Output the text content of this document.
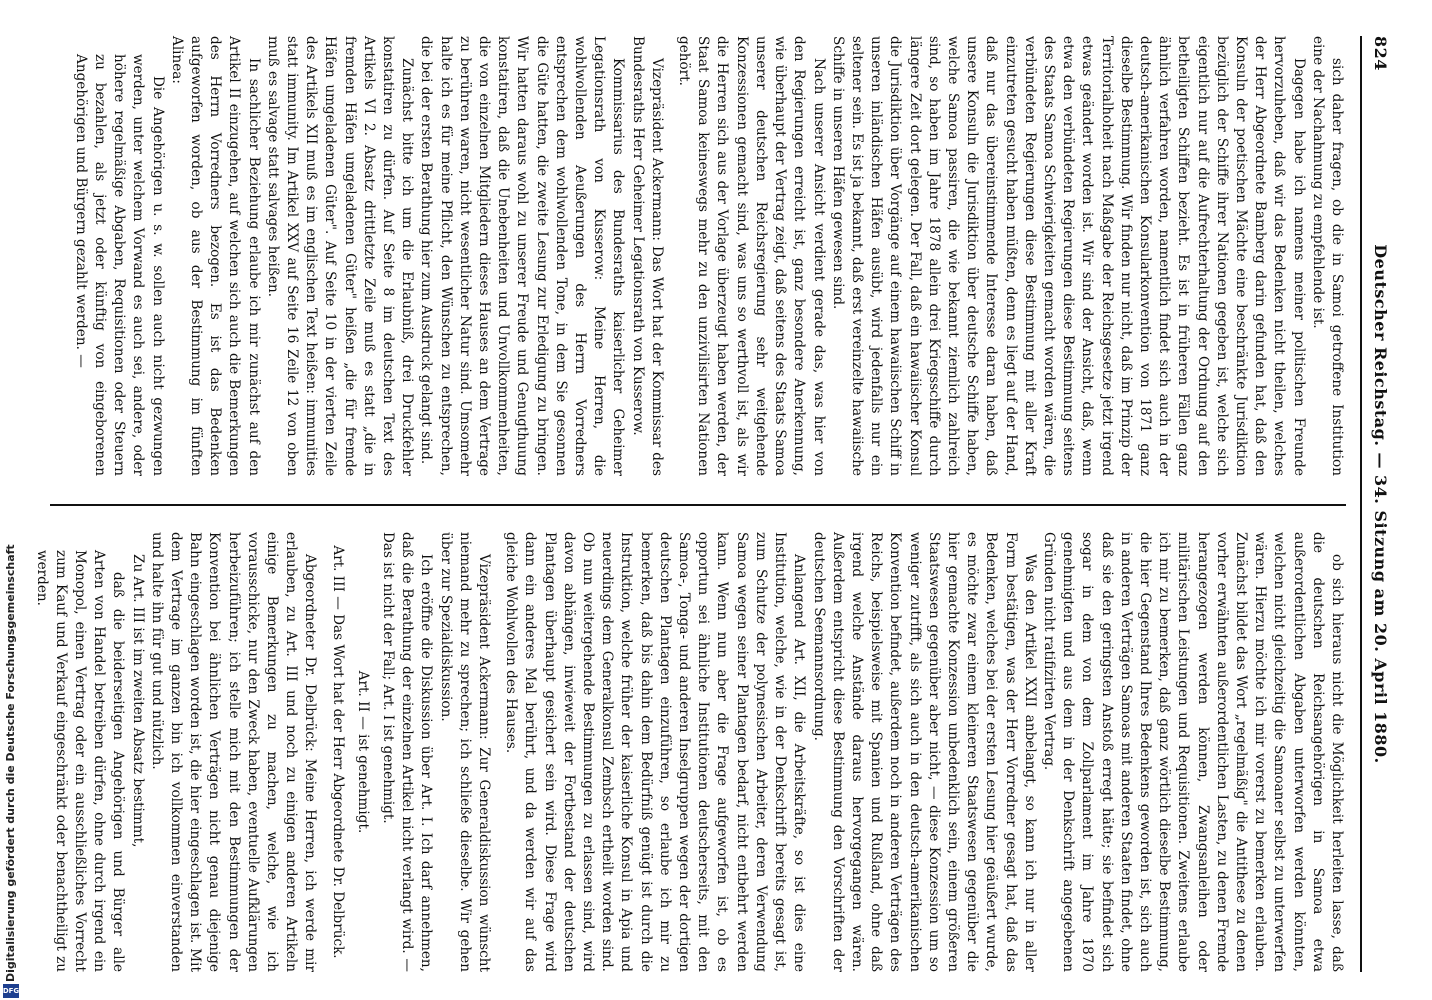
824
Deutscher Reichstag. — 34. Sitzung am 20. April 1880.

sich daher fragen, ob die in Samoi getroffene Institution eine der Nachahmung zu empfehlende ist.

Dagegen habe ich namens meiner politischen Freunde hervorzuheben, daß wir das Bedenken nicht theilen, welches der Herr Abgeordnete Bamberg darin gefunden hat, daß den Konsuln der poetischen Mächte eine beschränkte Jurisdiktion bezüglich der Schiffe ihrer Nationen gegeben ist, welche sich eigentlich nur auf die Aufrechterhaltung der Ordnung auf den betheiligten Schiffen bezieht. Es ist in früheren Fällen ganz ähnlich verfahren worden, namentlich findet sich auch in der deutsch-amerikanischen Konsularkonvention von 1871 ganz dieselbe Bestimmung. Wir finden nur nicht, daß im Prinzip der Territorialhoheit nach Maßgabe der Reichsgesetze jetzt irgend etwas geändert worden ist. Wir sind der Ansicht, daß, wenn etwa den verbündeten Regierungen diese Bestimmung seitens des Staats Samoa Schwierigkeiten gemacht worden wären, die verbündeten Regierungen diese Bestimmung mit aller Kraft einzutreten gesucht haben müßten, denn es liegt auf der Hand, daß nur das übereinstimmende Interesse daran haben, daß unsere Konsuln die Jurisdiktion über deutsche Schiffe haben, welche Samoa passiren, die wie bekannt ziemlich zahlreich sind, so haben im Jahre 1878 allein drei Kriegsschiffe durch längere Zeit dort gelegen. Der Fall, daß ein hawaiischer Konsul die Jurisdiktion über Vorgänge auf einem hawaiischen Schiff in unseren inländischen Häfen ausübt, wird jedenfalls nur ein seltener sein. Es ist ja bekannt, daß erst vereinzelte hawaiische Schiffe in unseren Häfen gewesen sind.

Nach unserer Ansicht verdient gerade das, was hier von den Regierungen erreicht ist, ganz besondere Anerkennung, wie überhaupt der Vertrag zeigt, daß seitens des Staats Samoa unserer deutschen Reichsregierung sehr weitgehende Konzessionen gemacht sind, was uns so werthvoll ist, als wir die Herren sich aus der Vorlage überzeugt haben werden, der Staat Samoa keineswegs mehr zu den unzivilisirten Nationen gehört.

Vizepräsident Ackermann: Das Wort hat der Kommissar des Bundesraths Herr Geheimer Legationsrath von Kusserow.

Kommissarius des Bundesraths kaiserlicher Geheimer Legationsrath von Kusserow: Meine Herren, die wohlwollenden Aeußerungen des Herrn Vorredners entsprechen dem wohlwollenden Tone, in dem Sie gesonnen die Güte hatten, die zweite Lesung zur Erledigung zu bringen. Wir hatten daraus wohl zu unserer Freude und Genugthuung konstatiren, daß die Unebenheiten und Unvollkommenheiten, die von einzelnen Mitgliedern dieses Hauses an dem Vertrage zu berühren waren, nicht wesentlicher Natur sind. Umsomehr halte ich es für meine Pflicht, den Wünschen zu entsprechen, die bei der ersten Berathung hier zum Ausdruck gelangt sind.

Zunächst bitte ich um die Erlaubniß, drei Druckfehler konstatiren zu dürfen. Auf Seite 8 im deutschen Text des Artikels VI 2. Absatz drittletzte Zeile muß es statt „die in fremden Häfen umgeladenen Güter" heißen „die für fremde Häfen umgeladenen Güter". Auf Seite 10 in der vierten Zeile des Artikels XII muß es im englischen Text heißen: immunities statt immunity. Im Artikel XXV auf Seite 16 Zeile 12 von oben muß es salvage statt salvages heißen.

In sachlicher Beziehung erlaube ich mir zunächst auf den Artikel II einzugehen, auf welchen sich auch die Bemerkungen des Herrn Vorredners bezogen. Es ist das Bedenken aufgeworfen worden, ob aus der Bestimmung im fünften Alinea:

Die Angehörigen u. s. w. sollen auch nicht gezwungen werden, unter welchem Vorwand es auch sei, andere, oder höhere regelmäßige Abgaben, Requisitionen oder Steuern zu bezahlen, als jetzt oder künftig von eingeborenen Angehörigen und Bürgern gezahlt werden. —

ob sich hieraus nicht die Möglichkeit herleiten lasse, daß die deutschen Reichsangehörigen in Samoa etwa außerordentlichen Abgaben unterworfen werden könnten, welchen nicht gleichzeitig die Samoaner selbst zu unterwerfen wären. Hierzu möchte ich mir vorerst zu bemerken erlauben. Zunächst bildet das Wort „regelmäßig" die Antithese zu denen vorher erwähnten außerordentlichen Lasten, zu denen Fremde herangezogen werden können, Zwangsanleihen oder militärischen Leistungen und Requisitionen. Zweitens erlaube ich mir zu bemerken, daß ganz wörtlich dieselbe Bestimmung, die hier Gegenstand Ihres Bedenkens geworden ist, sich auch in anderen Verträgen Samoas mit anderen Staaten findet, ohne daß sie den geringsten Anstoß erregt hätte; sie befindet sich sogar in dem von dem Zollparlament im Jahre 1870 genehmigten und aus dem in der Denkschrift angegebenen Gründen nicht ratifizirten Vertrag.

Was den Artikel XXII anbelangt, so kann ich nur in aller Form bestätigen, was der Herr Vorredner gesagt hat, daß das Bedenken, welches bei der ersten Lesung hier geäußert wurde, es möchte zwar einem kleineren Staatswesen gegenüber die hier gemachte Konzession unbedenklich sein, einem größeren Staatswesen gegenüber aber nicht, — diese Konzession um so weniger zutrifft, als sich auch in den deutsch-amerikanischen Konvention befindet, außerdem noch in anderen Verträgen des Reichs, beispielsweise mit Spanien und Rußland, ohne daß irgend welche Anstände daraus hervorgegangen wären. Außerdem entspricht diese Bestimmung den Vorschriften der deutschen Seemannsordnung.

Anlangend Art. XII, die Arbeitskräfte, so ist dies eine Institution, welche, wie in der Denkschrift bereits gesagt ist, zum Schutze der polynesischen Arbeiter, deren Verwendung Samoa wegen seiner Plantagen bedarf, nicht entbehrt werden kann. Wenn nun aber die Frage aufgeworfen ist, ob es opportun sei ähnliche Institutionen deutscherseits, mit den Samoa-, Tonga- und anderen Inselgruppen wegen der dortigen deutschen Plantagen einzuführen, so erlaube ich mir zu bemerken, daß bis dahin dem Bedürfniß genügt ist durch die Instruktion, welche früher der kaiserliche Konsul in Apia und neuerdings dem Generalkonsul Zembsch ertheilt worden sind. Ob nun weitergehende Bestimmungen zu erlassen sind, wird davon abhängen, inwieweit der Fortbestand der deutschen Plantagen überhaupt gesichert sein wird. Diese Frage wird dann ein anderes Mal berührt, und da werden wir auf das gleiche Wohlwollen des Hauses.

Vizepräsident Ackermann: Zur Generaldiskussion wünscht niemand mehr zu sprechen; ich schließe dieselbe. Wir gehen über zur Spezialdiskussion.

Ich eröffne die Diskussion über Art. I. Ich darf annehmen, daß die Berathung der einzelnen Artikel nicht verlangt wird. — Das ist nicht der Fall; Art. I ist genehmigt.

Art. II — ist genehmigt.

Art. III — Das Wort hat der Herr Abgeordnete Dr. Delbrück.

Abgeordneter Dr. Delbrück: Meine Herren, ich werde mir erlauben, zu Art. III und noch zu einigen anderen Artikeln einige Bemerkungen zu machen, welche, wie ich vorausschicke, nur den Zweck haben, eventuelle Aufklärungen herbeizuführen; ich stelle mich mit den Bestimmungen der Konvention bei ähnlichen Verträgen nicht genau diejenige Bahn eingeschlagen worden ist, die hier eingeschlagen ist. Mit dem Vertrage im ganzen bin ich vollkommen einverstanden und halte ihn für gut und nützlich.

Zu Art. III ist im zweiten Absatz bestimmt,

daß die beiderseitigen Angehörigen und Bürger alle Arten von Handel betreiben dürfen, ohne durch irgend ein Monopol, einen Vertrag oder ein ausschließliches Vorrecht zum Kauf und Verkauf eingeschränkt oder benachtheiligt zu werden.

Digitalisierung gefördert durch die Deutsche Forschungsgemeinschaft
DFG
